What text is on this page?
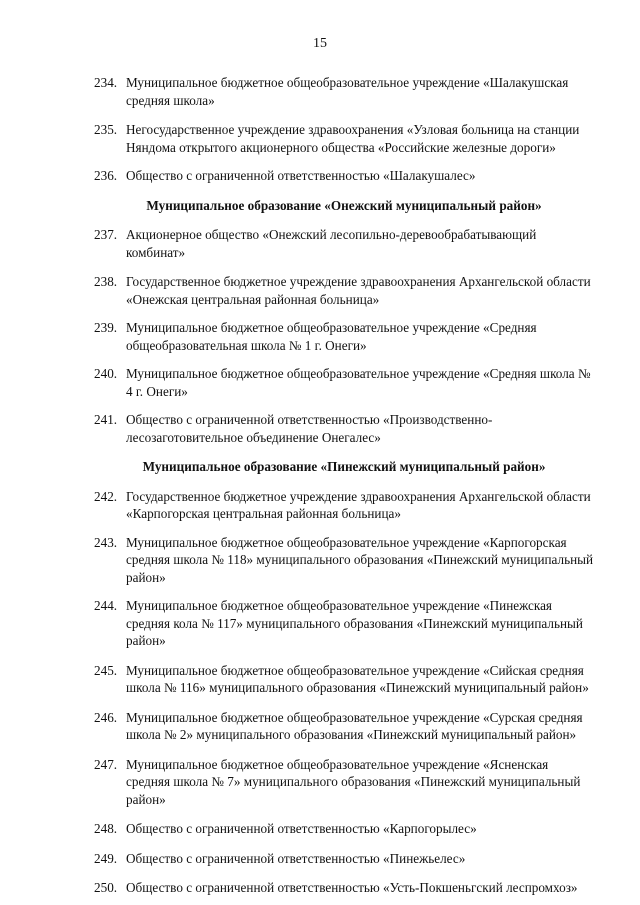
15
234. Муниципальное бюджетное общеобразовательное учреждение «Шалакушская средняя школа»
235. Негосударственное учреждение здравоохранения «Узловая больница на станции Няндома открытого акционерного общества «Российские железные дороги»
236. Общество с ограниченной ответственностью «Шалакушалес»
Муниципальное образование «Онежский муниципальный район»
237. Акционерное общество «Онежский лесопильно-деревообрабатывающий комбинат»
238. Государственное бюджетное учреждение здравоохранения Архангельской области «Онежская центральная районная больница»
239. Муниципальное бюджетное общеобразовательное учреждение «Средняя общеобразовательная школа № 1 г. Онеги»
240. Муниципальное бюджетное общеобразовательное учреждение «Средняя школа № 4 г. Онеги»
241. Общество с ограниченной ответственностью «Производственно-лесозаготовительное объединение Онегалес»
Муниципальное образование «Пинежский муниципальный район»
242. Государственное бюджетное учреждение здравоохранения Архангельской области «Карпогорская центральная районная больница»
243. Муниципальное бюджетное общеобразовательное учреждение «Карпогорская средняя школа № 118» муниципального образования «Пинежский муниципальный район»
244. Муниципальное бюджетное общеобразовательное учреждение «Пинежская средняя кола № 117» муниципального образования «Пинежский муниципальный район»
245. Муниципальное бюджетное общеобразовательное учреждение «Сийская средняя школа № 116» муниципального образования «Пинежский муниципальный район»
246. Муниципальное бюджетное общеобразовательное учреждение «Сурская средняя школа № 2» муниципального образования «Пинежский муниципальный район»
247. Муниципальное бюджетное общеобразовательное учреждение «Ясненская средняя школа № 7» муниципального образования «Пинежский муниципальный район»
248. Общество с ограниченной ответственностью «Карпогорылес»
249. Общество с ограниченной ответственностью «Пинежьелес»
250. Общество с ограниченной ответственностью «Усть-Покшеньгский леспромхоз»
